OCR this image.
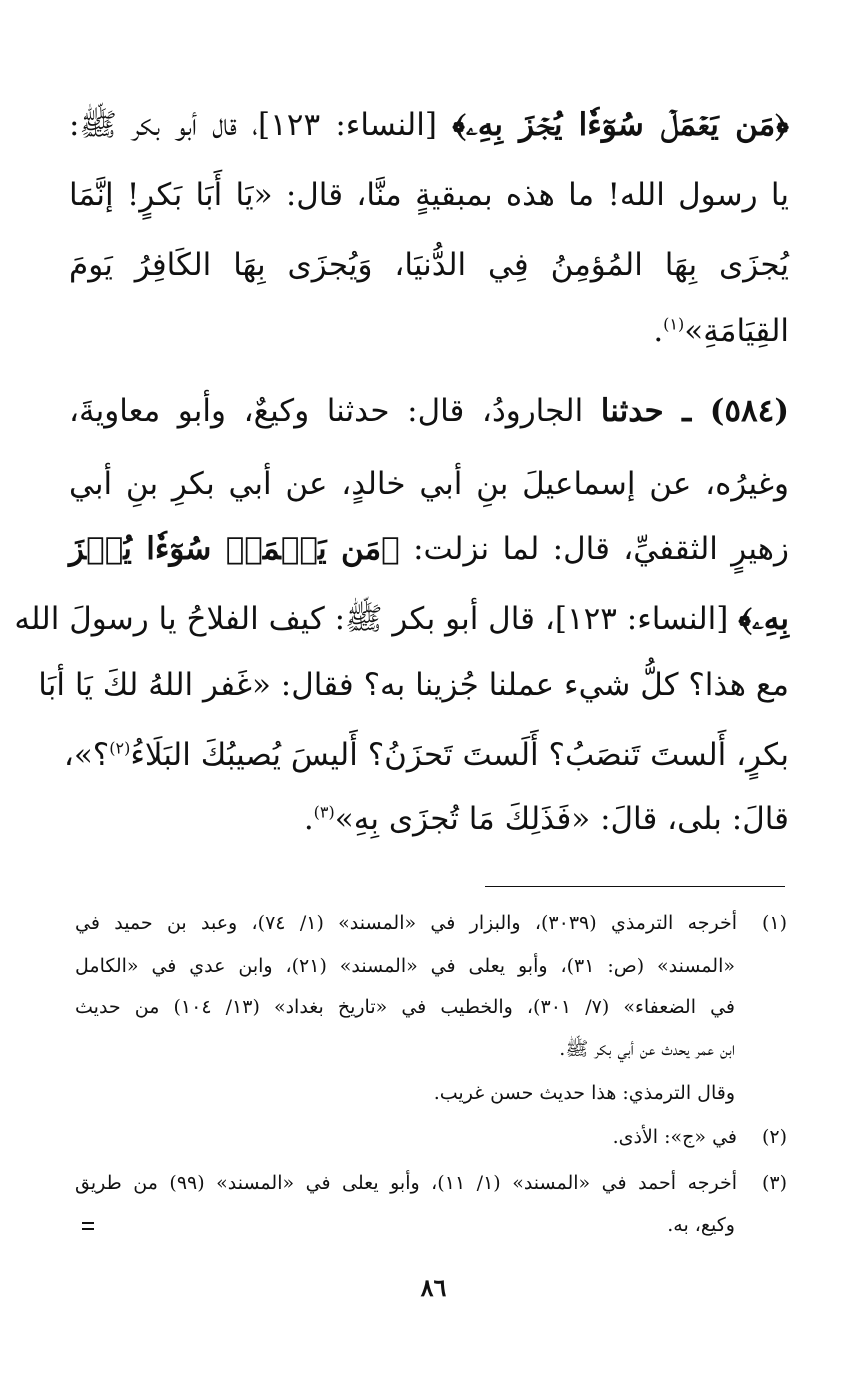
﴿مَن يَعۡمَلۡ سُوٓءٗا يُجۡزَ بِهِۦ﴾ [النساء: ١٢٣]، قال أبو بكر ﷺ:
يا رسول الله! ما هذه بمبقيةٍ منَّا، قال: «يَا أَبَا بَكرٍ! إنَّمَا
يُجزَى بِهَا المُؤمِنُ فِي الدُّنيَا، وَيُجزَى بِهَا الكَافِرُ يَومَ
القِيَامَةِ»$^{(١)}$.
(٥٨٤) ـ حدثنا الجارودُ، قال: حدثنا وكيعٌ، وأبو معاويةَ،
وغيرُه، عن إسماعيلَ بنِ أبي خالدٍ، عن أبي بكرِ بنِ أبي
زهيرٍ الثقفيِّ، قال: لما نزلت: ﴿مَن يَعۡمَلۡ سُوٓءٗا يُجۡزَ
بِهِۦ﴾ [النساء: ١٢٣]، قال أبو بكر ﷺ: كيف الفلاحُ يا رسولَ الله
مع هذا؟ كلُّ شيء عملنا جُزينا به؟ فقال: «غَفر اللهُ لكَ يَا أبَا
بكرٍ، أَلستَ تَنصَبُ؟ أَلَستَ تَحزَنُ؟ أَليسَ يُصيبُكَ البَلَاءُ$^{(٢)}$؟»،
قالَ: بلى، قالَ: «فَذَلِكَ مَا تُجزَى بِهِ»$^{(٣)}$.
(١)أخرجه الترمذي (٣٠٣٩)، والبزار في «المسند» (١/ ٧٤)، وعبد بن حميد في
«المسند» (ص: ٣١)، وأبو يعلى في «المسند» (٢١)، وابن عدي في «الكامل
في الضعفاء» (٧/ ٣٠١)، والخطيب في «تاريخ بغداد» (١٣/ ١٠٤) من حديث
ابن عمر يحدث عن أبي بكر ﷺ.
وقال الترمذي: هذا حديث حسن غريب.
(٢)في «ج»: الأذى.
(٣)أخرجه أحمد في «المسند» (١/ ١١)، وأبو يعلى في «المسند» (٩٩) من طريق
وكيع، به.
٨٦
